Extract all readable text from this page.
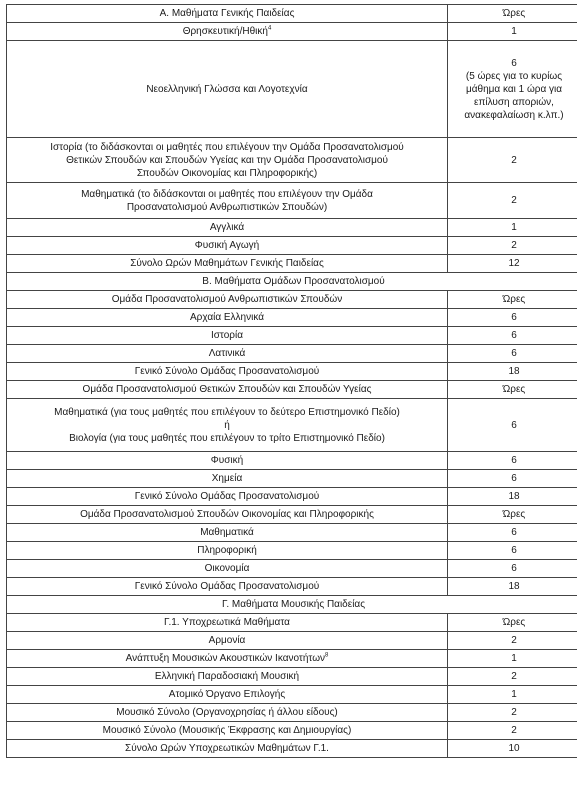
Α. Μαθήματα Γενικής Παιδείας	Ώρες
Θρησκευτική/Ηθική$^4$	1
Νεοελληνική Γλώσσα και Λογοτεχνία	6
(5 ώρες για το κυρίως μάθημα και 1 ώρα για επίλυση αποριών, ανακεφαλαίωση κ.λπ.)
Ιστορία (το διδάσκονται οι μαθητές που επιλέγουν την Ομάδα Προσανατολισμού
Θετικών Σπουδών και Σπουδών Υγείας και την Ομάδα Προσανατολισμού
Σπουδών Οικονομίας και Πληροφορικής)	2
Μαθηματικά (το διδάσκονται οι μαθητές που επιλέγουν την Ομάδα
Προσανατολισμού Ανθρωπιστικών Σπουδών)	2
Αγγλικά	1
Φυσική Αγωγή	2
Σύνολο Ωρών Μαθημάτων Γενικής Παιδείας	12
Β. Μαθήματα Ομάδων Προσανατολισμού	
Ομάδα Προσανατολισμού Ανθρωπιστικών Σπουδών	Ώρες
Αρχαία Ελληνικά	6
Ιστορία	6
Λατινικά	6
Γενικό Σύνολο Ομάδας Προσανατολισμού	18
Ομάδα Προσανατολισμού Θετικών Σπουδών και Σπουδών Υγείας	Ώρες
Μαθηματικά (για τους μαθητές που επιλέγουν το δεύτερο Επιστημονικό Πεδίο)
ή
Βιολογία (για τους μαθητές που επιλέγουν το τρίτο Επιστημονικό Πεδίο)	6
Φυσική	6
Χημεία	6
Γενικό Σύνολο Ομάδας Προσανατολισμού	18
Ομάδα Προσανατολισμού Σπουδών Οικονομίας και Πληροφορικής	Ώρες
Μαθηματικά	6
Πληροφορική	6
Οικονομία	6
Γενικό Σύνολο Ομάδας Προσανατολισμού	18
Γ. Μαθήματα Μουσικής Παιδείας	
Γ.1. Υποχρεωτικά Μαθήματα	Ώρες
Αρμονία	2
Ανάπτυξη Μουσικών Ακουστικών Ικανοτήτων$^8$	1
Ελληνική Παραδοσιακή Μουσική	2
Ατομικό Όργανο Επιλογής	1
Μουσικό Σύνολο (Οργανοχρησίας ή άλλου είδους)	2
Μουσικό Σύνολο (Μουσικής Έκφρασης και Δημιουργίας)	2
Σύνολο Ωρών Υποχρεωτικών Μαθημάτων Γ.1.	10
